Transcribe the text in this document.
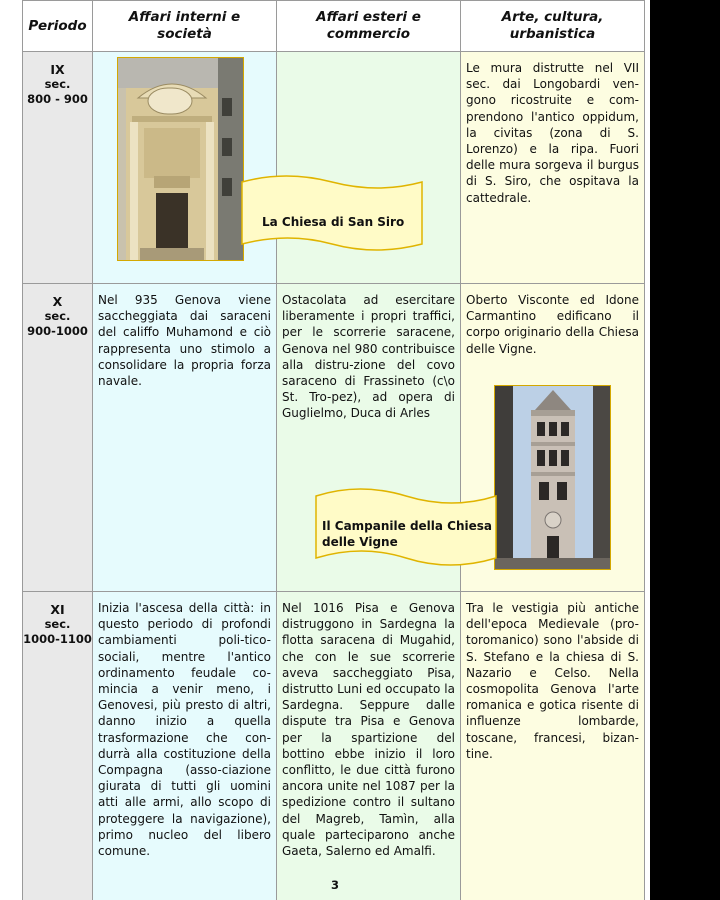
Periodo
Affari interni e società
Affari esteri e commercio
Arte, cultura, urbanistica
IX
sec.
800 - 900
Le mura distrutte nel VII sec. dai Longobardi ven-gono ricostruite e com-prendono l'antico oppidum, la civitas (zona di S. Lorenzo) e la ripa. Fuori delle mura sorgeva il burgus di S. Siro, che ospitava la cattedrale.
X
sec.
900-1000
Nel 935 Genova viene saccheggiata dai saraceni del califfo Muhamond e ciò rappresenta uno stimolo a consolidare la propria forza navale.
Ostacolata ad esercitare liberamente i propri traffici, per le scorrerie saracene, Genova nel 980 contribuisce alla distru-zione del covo saraceno di Frassineto (c\o St. Tro-pez), ad opera di Guglielmo, Duca di Arles
Oberto Visconte ed Idone Carmantino edificano il corpo originario della Chiesa delle Vigne.
XI
sec.
1000-1100
Inizia l'ascesa della città: in questo periodo di profondi cambiamenti poli-tico-sociali, mentre l'antico ordinamento feudale co-mincia a venir meno, i Genovesi, più presto di altri, danno inizio a quella trasformazione che con-durrà alla costituzione della Compagna (asso-ciazione giurata di tutti gli uomini atti alle armi, allo scopo di proteggere la navigazione), primo nucleo del libero comune.
Nel 1016 Pisa e Genova distruggono in Sardegna la flotta saracena di Mugahid, che con le sue scorrerie aveva saccheggiato Pisa, distrutto Luni ed occupato la Sardegna. Seppure dalle dispute tra Pisa e Genova per la spartizione del bottino ebbe inizio il loro conflitto, le due città furono ancora unite nel 1087 per la spedizione contro il sultano del Magreb, Tamìn, alla quale parteciparono anche Gaeta, Salerno ed Amalfi.
Tra le vestigia più antiche dell'epoca Medievale (pro-toromanico) sono l'abside di S. Stefano e la chiesa di S. Nazario e Celso. Nella cosmopolita Genova l'arte romanica e gotica risente di influenze lombarde, toscane, francesi, bizan-tine.
La Chiesa di San Siro
Il Campanile della Chiesa delle Vigne
3
